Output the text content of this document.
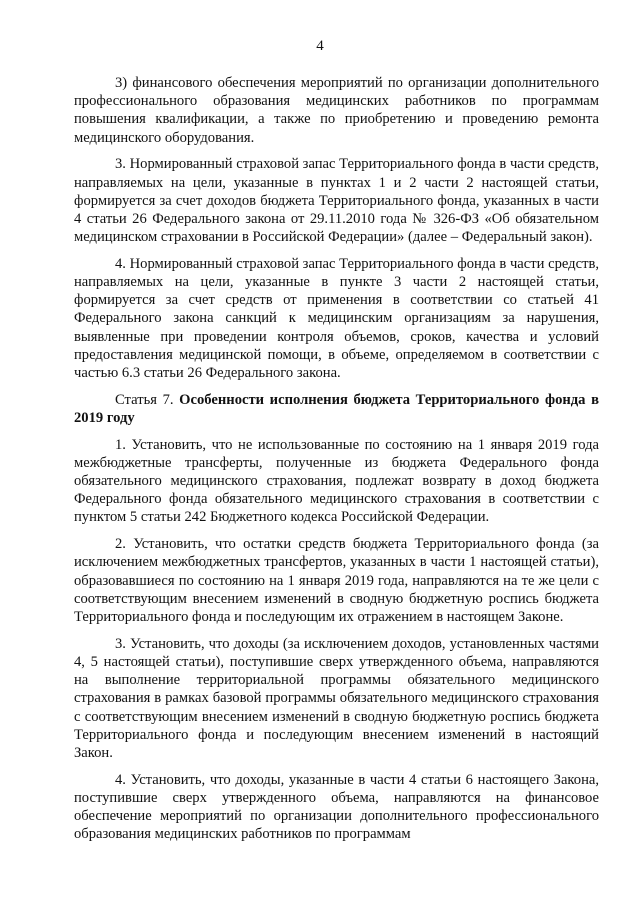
4

3) финансового обеспечения мероприятий по организации дополнительного профессионального образования медицинских работников по программам повышения квалификации, а также по приобретению и проведению ремонта медицинского оборудования.

3. Нормированный страховой запас Территориального фонда в части средств, направляемых на цели, указанные в пунктах 1 и 2 части 2 настоящей статьи, формируется за счет доходов бюджета Территориального фонда, указанных в части 4 статьи 26 Федерального закона от 29.11.2010 года № 326-ФЗ «Об обязательном медицинском страховании в Российской Федерации» (далее – Федеральный закон).

4. Нормированный страховой запас Территориального фонда в части средств, направляемых на цели, указанные в пункте 3 части 2 настоящей статьи, формируется за счет средств от применения в соответствии со статьей 41 Федерального закона санкций к медицинским организациям за нарушения, выявленные при проведении контроля объемов, сроков, качества и условий предоставления медицинской помощи, в объеме, определяемом в соответствии с частью 6.3 статьи 26 Федерального закона.

Статья 7. Особенности исполнения бюджета Территориального фонда в 2019 году

1. Установить, что не использованные по состоянию на 1 января 2019 года межбюджетные трансферты, полученные из бюджета Федерального фонда обязательного медицинского страхования, подлежат возврату в доход бюджета Федерального фонда обязательного медицинского страхования в соответствии с пунктом 5 статьи 242 Бюджетного кодекса Российской Федерации.

2. Установить, что остатки средств бюджета Территориального фонда (за исключением межбюджетных трансфертов, указанных в части 1 настоящей статьи), образовавшиеся по состоянию на 1 января 2019 года, направляются на те же цели с соответствующим внесением изменений в сводную бюджетную роспись бюджета Территориального фонда и последующим их отражением в настоящем Законе.

3. Установить, что доходы (за исключением доходов, установленных частями 4, 5 настоящей статьи), поступившие сверх утвержденного объема, направляются на выполнение территориальной программы обязательного медицинского страхования в рамках базовой программы обязательного медицинского страхования с соответствующим внесением изменений в сводную бюджетную роспись бюджета Территориального фонда и последующим внесением изменений в настоящий Закон.

4. Установить, что доходы, указанные в части 4 статьи 6 настоящего Закона, поступившие сверх утвержденного объема, направляются на финансовое обеспечение мероприятий по организации дополнительного профессионального образования медицинских работников по программам
